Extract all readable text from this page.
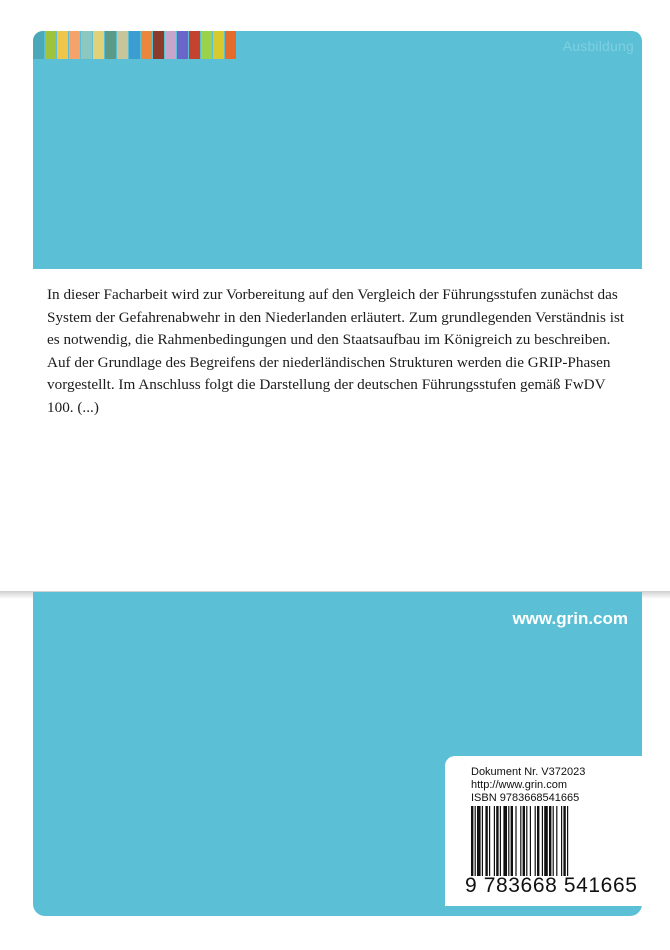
Ausbildung

In dieser Facharbeit wird zur Vorbereitung auf den Vergleich der Führungsstufen zunächst das System der Gefahrenabwehr in den Niederlanden erläutert. Zum grundlegenden Verständnis ist es notwendig, die Rahmenbedingungen und den Staatsaufbau im Königreich zu beschreiben. Auf der Grundlage des Begreifens der niederländischen Strukturen werden die GRIP-Phasen vorgestellt. Im Anschluss folgt die Darstellung der deutschen Führungsstufen gemäß FwDV 100. (...)

www.grin.com
Dokument Nr. V372023
http://www.grin.com
ISBN 9783668541665
9 783668 541665
